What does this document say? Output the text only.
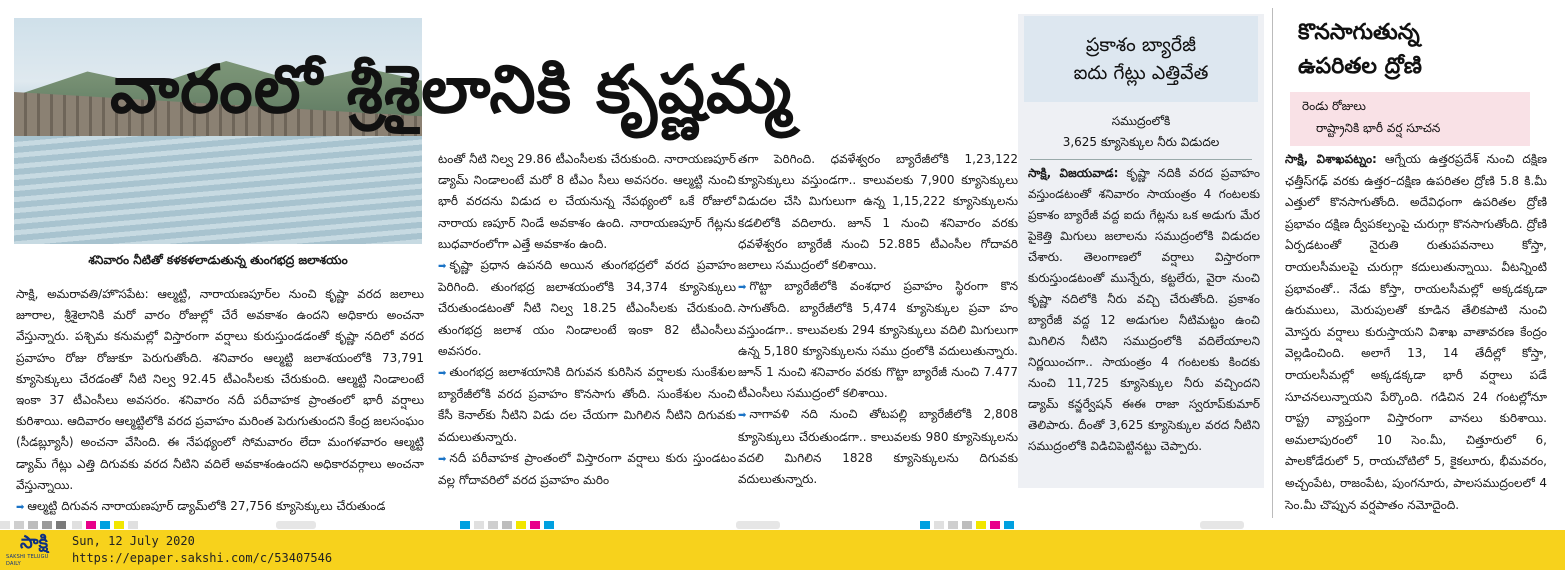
శనివారం నీటితో కళకళలాడుతున్న తుంగభద్ర జలాశయం
వారంలో శ్రీశైలానికి కృష్ణమ్మ

సాక్షి, అమరావతి/హొసపేట: ఆల్మట్టి, నారాయణపూర్‌ల నుంచి కృష్ణా వరద జలాలు జూరాల, శ్రీశైలానికి మరో వారం రోజుల్లో చేరే అవకాశం ఉందని అధికారు అంచనా వేస్తున్నారు. పశ్చిమ కనుమల్లో విస్తారంగా వర్షాలు కురుస్తుండడంతో కృష్ణా నదిలో వరద ప్రవాహం రోజు రోజుకూ పెరుగుతోంది. శనివారం ఆల్మట్టి జలాశయంలోకి 73,791 క్యూసెక్కులు చేరడంతో నీటి నిల్వ 92.45 టీఎంసీలకు చేరుకుంది. ఆల్మట్టి నిండాలంటే ఇంకా 37 టీఎంసీలు అవసరం. శనివారం నదీ పరీవాహక ప్రాంతంలో భారీ వర్షాలు కురిశాయి. ఆదివారం ఆల్మట్టిలోకి వరద ప్రవాహం మరింత పెరుగుతుందని కేంద్ర జలసంఘం (సీడబ్ల్యూసీ) అంచనా వేసింది. ఈ నేపథ్యంలో సోమవారం లేదా మంగళవారం ఆల్మట్టి డ్యామ్ గేట్లు ఎత్తి దిగువకు వరద నీటిని వదిలే అవకాశంఉందని అధికారవర్గాలు అంచనా వేస్తున్నాయి.

➡ ఆల్మట్టి దిగువన నారాయణపూర్ డ్యామ్‌లోకి 27,756 క్యూసెక్కులు చేరుతుండ

టంతో నీటి నిల్వ 29.86 టీఎంసీలకు చేరుకుంది. నారాయణపూర్ డ్యామ్ నిండాలంటే మరో 8 టీఎం సీలు అవసరం. ఆల్మట్టి నుంచి భారీ వరదను విడుద ల చేయనున్న నేపథ్యంలో ఒకే రోజులో నారాయ ణపూర్ నిండే అవకాశం ఉంది. నారాయణపూర్ గేట్లను బుధవారంలోగా ఎత్తే అవకాశం ఉంది.

➡ కృష్ణా ప్రధాన ఉపనది అయిన తుంగభద్రలో వరద ప్రవాహం పెరిగింది. తుంగభద్ర జలాశయంలోకి 34,374 క్యూసెక్కులు చేరుతుండటంతో నీటి నిల్వ 18.25 టీఎంసీలకు చేరుకుంది. తుంగభద్ర జలాశ యం నిండాలంటే ఇంకా 82 టీఎంసీలు అవసరం.

➡ తుంగభద్ర జలాశయానికి దిగువన కురిసిన వర్షాలకు సుంకేశుల బ్యారేజీలోకి వరద ప్రవాహం కొనసాగు తోంది. సుంకేశుల నుంచి కేసీ కెనాల్‌కు నీటిని విడు దల చేయగా మిగిలిన నీటిని దిగువకు వదులుతున్నారు.

➡ నదీ పరీవాహక ప్రాంతంలో విస్తారంగా వర్షాలు కురు స్తుండటం వల్ల గోదావరిలో వరద ప్రవాహం మరిం

తగా పెరిగింది. ధవళేశ్వరం బ్యారేజీలోకి 1,23,122 క్యూసెక్కులు వస్తుండగా.. కాలువలకు 7,900 క్యూసెక్కులు విడుదల చేసి మిగులుగా ఉన్న 1,15,222 క్యూసెక్కులను కడలిలోకి వదిలారు. జూన్ 1 నుంచి శనివారం వరకు ధవళేశ్వరం బ్యారేజీ నుంచి 52.885 టీఎంసీల గోదావరి జలాలు సముద్రంలో కలిశాయి.

➡ గొట్టా బ్యారేజీలోకి వంశధార ప్రవాహం స్థిరంగా కొన సాగుతోంది. బ్యారేజీలోకి 5,474 క్యూసెక్కుల ప్రవా హం వస్తుండగా.. కాలువలకు 294 క్యూసెక్కులు వదిలి మిగులుగా ఉన్న 5,180 క్యూసెక్కులను సము ద్రంలోకి వదులుతున్నారు. జూన్ 1 నుంచి శనివారం వరకు గొట్టా బ్యారేజీ నుంచి 7.477 టీఎంసీలు సముద్రంలో కలిశాయి.

➡ నాగావళి నది నుంచి తోటపల్లి బ్యారేజీలోకి 2,808 క్యూసెక్కులు చేరుతుండగా.. కాలువలకు 980 క్యూసెక్కులను వదలి మిగిలిన 1828 క్యూసెక్కులను దిగువకు వదులుతున్నారు.

ప్రకాశం బ్యారేజీ
ఐదు గేట్లు ఎత్తివేత
సముద్రంలోకి
3,625 క్యూసెక్కుల నీరు విడుదల
సాక్షి, విజయవాడ: కృష్ణా నదికి వరద ప్రవాహం వస్తుండటంతో శనివారం సాయంత్రం 4 గంటలకు ప్రకాశం బ్యారేజీ వద్ద ఐదు గేట్లను ఒక అడుగు మేర పైకెత్తి మిగులు జలాలను సముద్రంలోకి విడుదల చేశారు. తెలంగాణలో వర్షాలు విస్తారంగా కురుస్తుండటంతో మున్నేరు, కట్టలేరు, వైరా నుంచి కృష్ణా నదిలోకి నీరు వచ్చి చేరుతోంది. ప్రకాశం బ్యారేజీ వద్ద 12 అడుగుల నీటిమట్టం ఉంచి మిగిలిన నీటిని సముద్రంలోకి వదిలేయాలని నిర్ణయించగా.. సాయంత్రం 4 గంటలకు కిందకు నుంచి 11,725 క్యూసెక్కుల నీరు వచ్చిందని డ్యామ్ కన్జర్వేషన్ ఈఈ రాజా స్వరూప్‌కుమార్ తెలిపారు. దీంతో 3,625 క్యూసెక్కుల వరద నీటిని సముద్రంలోకి విడిచిపెట్టినట్టు చెప్పారు.
కొనసాగుతున్న
ఉపరితల ద్రోణి
రెండు రోజులు
రాష్ట్రానికి భారీ వర్ష సూచన
సాక్షి, విశాఖపట్నం: ఆగ్నేయ ఉత్తరప్రదేశ్ నుంచి దక్షిణ ఛత్తీస్‌గఢ్ వరకు ఉత్తర–దక్షిణ ఉపరితల ద్రోణి 5.8 కి.మీ ఎత్తులో కొనసాగుతోంది. అదేవిధంగా ఉపరితల ద్రోణి ప్రభావం దక్షిణ ద్వీపకల్పంపై చురుగ్గా కొనసాగుతోంది. ద్రోణి ఏర్పడటంతో నైరుతి రుతుపవనాలు కోస్తా, రాయలసీమలపై చురుగ్గా కదులుతున్నాయి. వీటన్నింటి ప్రభావంతో.. నేడు కోస్తా, రాయలసీమల్లో అక్కడక్కడా ఉరుములు, మెరుపులతో కూడిన తేలికపాటి నుంచి మోస్తరు వర్షాలు కురుస్తాయని విశాఖ వాతావరణ కేంద్రం వెల్లడించింది. అలాగే 13, 14 తేదీల్లో కోస్తా, రాయలసీమల్లో అక్కడక్కడా భారీ వర్షాలు పడే సూచనలున్నాయని పేర్కొంది. గడిచిన 24 గంటల్లోనూ రాష్ట్ర వ్యాప్తంగా విస్తారంగా వానలు కురిశాయి. అమలాపురంలో 10 సెం.మీ, చిత్తూరులో 6, పాలకోడేరులో 5, రాయచోటిలో 5, కైకలూరు, భీమవరం, అచ్చంపేట, రాజంపేట, పుంగనూరు, పాలసముద్రంలలో 4 సెం.మీ చొప్పున వర్షపాతం నమోదైంది.
సాక్షి
SAKSHI TELUGU DAILY
Sun, 12 July 2020
https://epaper.sakshi.com/c/53407546
